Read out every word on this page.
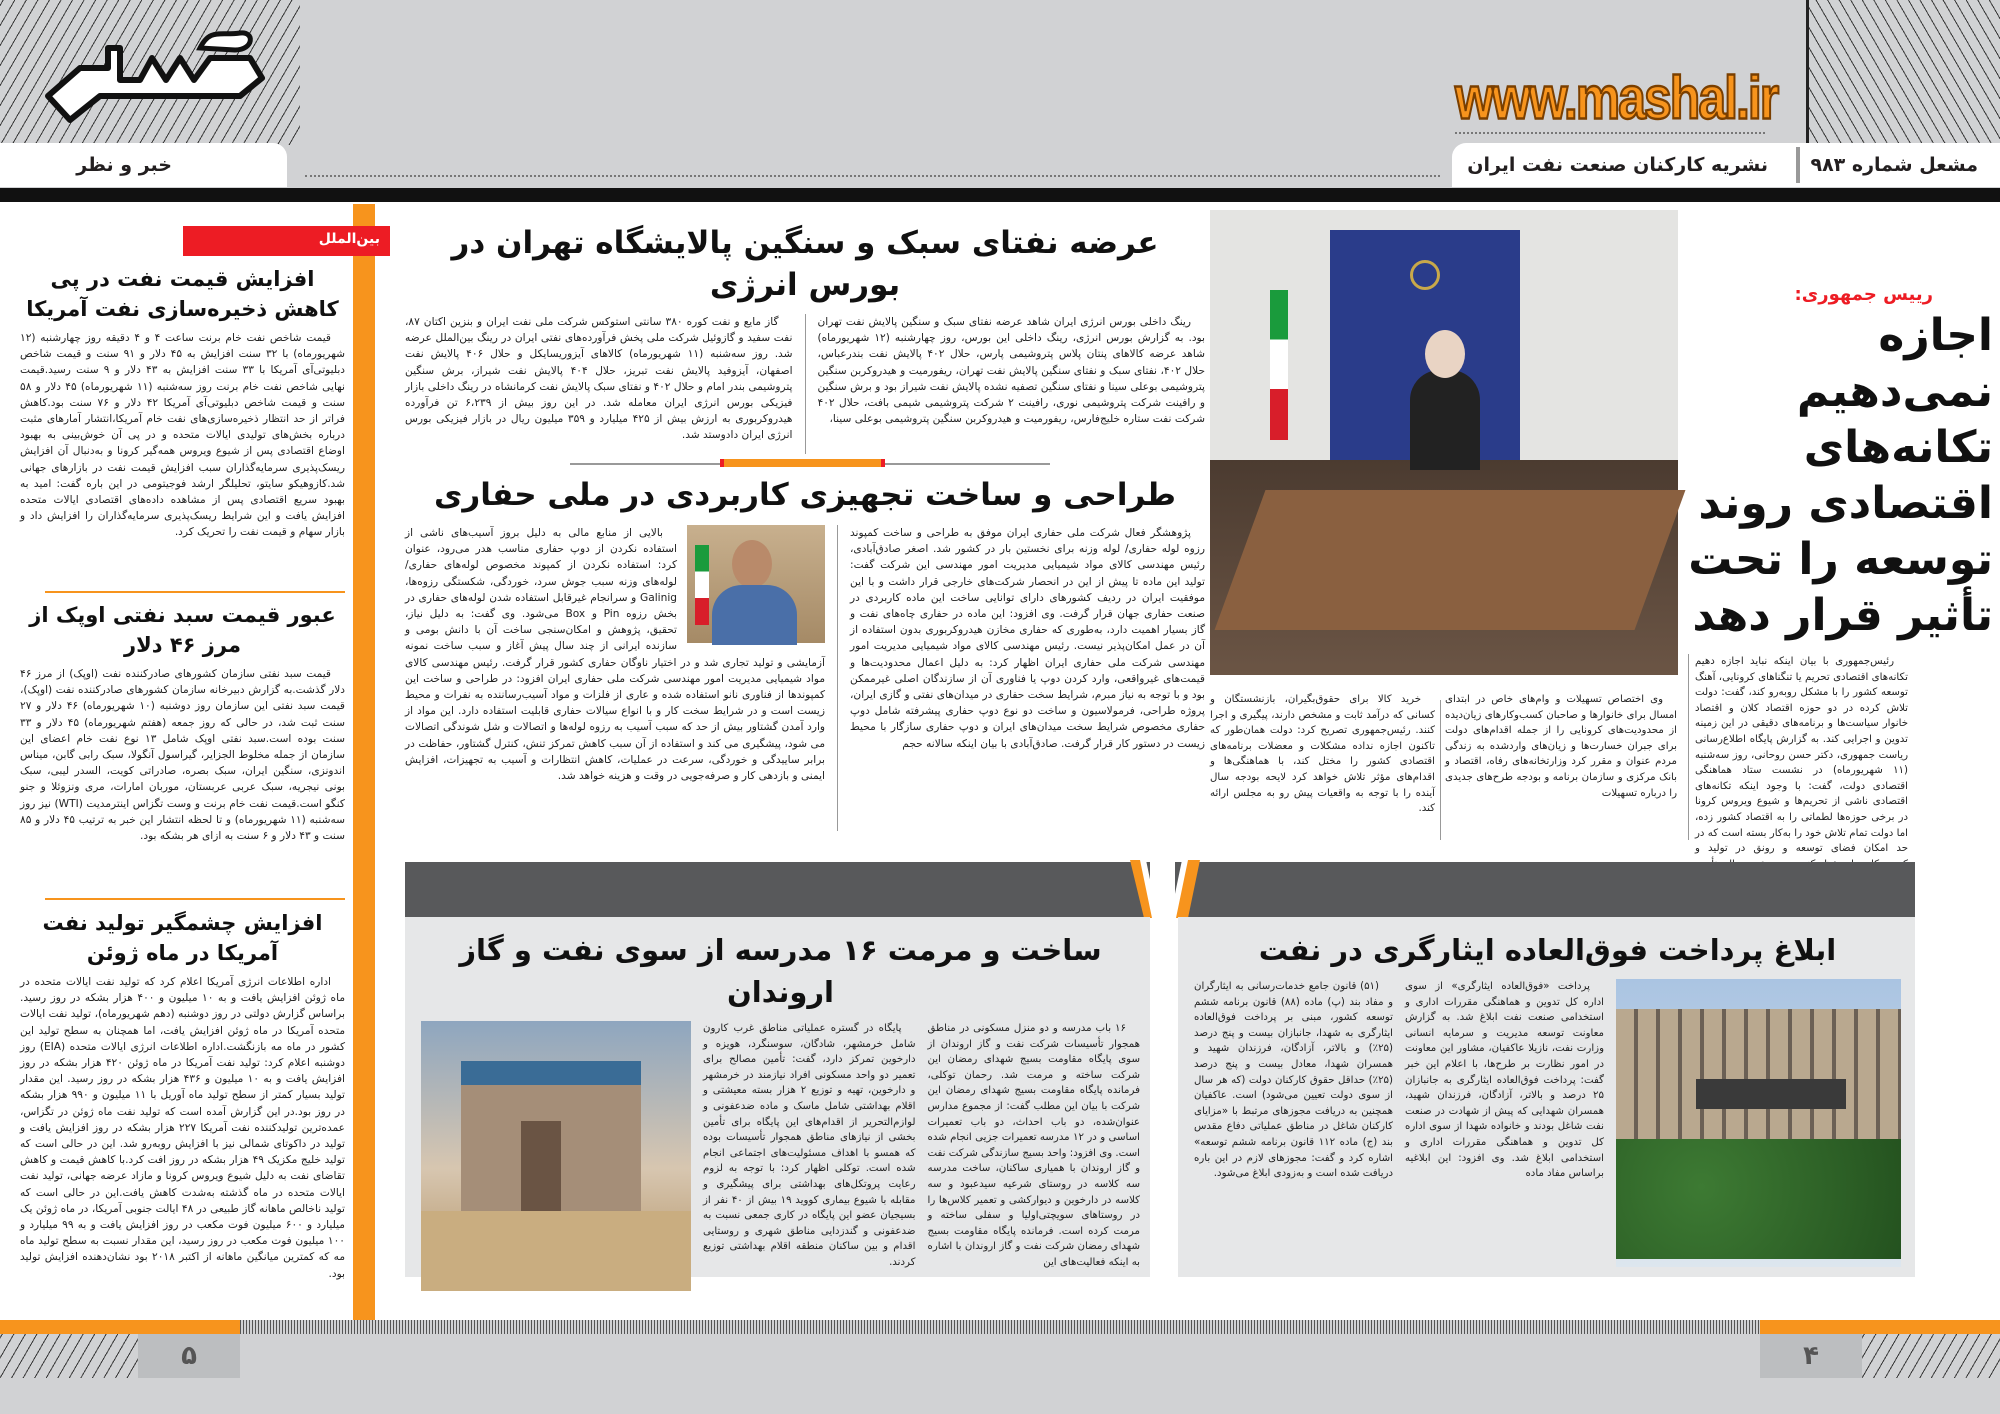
خبر و نظر
www.mashal.ir
مشعل شماره ۹۸۳
نشریه کارکنان صنعت نفت ایران
بین‌الملل
افزایش قیمت نفت در پی کاهش ذخیره‌سازی نفت آمریکا

قیمت شاخص نفت خام برنت ساعت ۴ و ۴ دقیقه روز چهارشنبه (۱۲ شهریورماه) با ۳۲ سنت افزایش به ۴۵ دلار و ۹۱ سنت و قیمت شاخص دبلیوتی‌آی آمریکا با ۳۳ سنت افزایش به ۴۳ دلار و ۹ سنت رسید.قیمت نهایی شاخص نفت خام برنت روز سه‌شنبه (۱۱ شهریورماه) ۴۵ دلار و ۵۸ سنت و قیمت شاخص دبلیوتی‌آی آمریکا ۴۲ دلار و ۷۶ سنت بود.کاهش فراتر از حد انتظار ذخیره‌سازی‌های نفت خام آمریکا،انتشار آمارهای مثبت درباره بخش‌های تولیدی ایالات متحده و در پی آن خوش‌بینی به بهبود اوضاع اقتصادی پس از شیوع ویروس همه‌گیر کرونا و به‌دنبال آن افزایش ریسک‌پذیری سرمایه‌گذاران سبب افزایش قیمت نفت در بازارهای جهانی شد.کازوهیکو سایتو، تحلیلگر ارشد فوجیتومی در این باره گفت: امید به بهبود سریع اقتصادی پس از مشاهده داده‌های اقتصادی ایالات متحده افزایش یافت و این شرایط ریسک‌پذیری سرمایه‌گذاران را افزایش داد و بازار سهام و قیمت نفت را تحریک کرد.

عبور قیمت سبد نفتی اوپک از مرز ۴۶ دلار

قیمت سبد نفتی سازمان کشورهای صادرکننده نفت (اوپک) از مرز ۴۶ دلار گذشت.به گزارش دبیرخانه سازمان کشورهای صادرکننده نفت (اوپک)، قیمت سبد نفتی این سازمان روز دوشنبه (۱۰ شهریورماه) ۴۶ دلار و ۲۷ سنت ثبت شد، در حالی که روز جمعه (هفتم شهریورماه) ۴۵ دلار و ۳۳ سنت بوده است.سبد نفتی اوپک شامل ۱۳ نوع نفت خام اعضای این سازمان از جمله مخلوط الجزایر، گیراسول آنگولا، سبک رابی گابن، میناس اندونزی، سنگین ایران، سبک بصره، صادراتی کویت، السدر لیبی، سبک بونی نیجریه، سبک عربی عربستان، موربان امارات، مری ونزوئلا و جنو کنگو است.قیمت نفت خام برنت و وست تگزاس اینترمدیت (WTI) نیز روز سه‌شنبه (۱۱ شهریورماه) و تا لحظه انتشار این خبر به ترتیب ۴۵ دلار و ۸۵ سنت و ۴۳ دلار و ۶ سنت به ازای هر بشکه بود.

افزایش چشمگیر تولید نفت آمریکا در ماه ژوئن

اداره اطلاعات انرژی آمریکا اعلام کرد که تولید نفت ایالات متحده در ماه ژوئن افزایش یافت و به ۱۰ میلیون و ۴۰۰ هزار بشکه در روز رسید. براساس گزارش دولتی در روز دوشنبه (دهم شهریورماه)، تولید نفت ایالات متحده آمریکا در ماه ژوئن افزایش یافت، اما همچنان به سطح تولید این کشور در ماه مه بازنگشت.اداره اطلاعات انرژی ایالات متحده (EIA) روز دوشنبه اعلام کرد: تولید نفت آمریکا در ماه ژوئن ۴۲۰ هزار بشکه در روز افزایش یافت و به ۱۰ میلیون و ۴۳۶ هزار بشکه در روز رسید. این مقدار تولید بسیار کمتر از سطح تولید ماه آوریل با ۱۱ میلیون و ۹۹۰ هزار بشکه در روز بود.در این گزارش آمده است که تولید نفت ماه ژوئن در تگزاس، عمده‌ترین تولیدکننده نفت آمریکا ۲۲۷ هزار بشکه در روز افزایش یافت و تولید در داکوتای شمالی نیز با افزایش روبه‌رو شد. این در حالی است که تولید خلیج مکزیک ۴۹ هزار بشکه در روز افت کرد.با کاهش قیمت و کاهش تقاضای نفت به دلیل شیوع ویروس کرونا و مازاد عرضه جهانی، تولید نفت ایالات متحده در ماه گذشته به‌شدت کاهش یافت.این در حالی است که تولید ناخالص ماهانه گاز طبیعی در ۴۸ ایالت جنوبی آمریکا، در ماه ژوئن یک میلیارد و ۶۰۰ میلیون فوت مکعب در روز افزایش یافت و به ۹۹ میلیارد و ۱۰۰ میلیون فوت مکعب در روز رسید، این مقدار نسبت به سطح تولید ماه مه که کمترین میانگین ماهانه از اکتبر ۲۰۱۸ بود نشان‌دهنده افزایش تولید بود.

عرضه نفتای سبک و سنگین پالایشگاه تهران در بورس انرژی

رینگ داخلی بورس انرژی ایران شاهد عرضه نفتای سبک و سنگین پالایش نفت تهران بود. به گزارش بورس انرژی، رینگ داخلی این بورس، روز چهارشنبه (۱۲ شهریورماه) شاهد عرضه کالاهای پنتان پلاس پتروشیمی پارس، حلال ۴۰۲ پالایش نفت بندرعباس، حلال ۴۰۲، نفتای سبک و نفتای سنگین پالایش نفت تهران، ریفورمیت و هیدروکربن سنگین پتروشیمی بوعلی سینا و نفتای سنگین تصفیه نشده پالایش نفت شیراز بود و برش سنگین و رافینت شرکت پتروشیمی نوری، رافینت ۲ شرکت پتروشیمی شیمی بافت، حلال ۴۰۲ شرکت نفت ستاره خلیج‌فارس، ریفورمیت و هیدروکربن سنگین پتروشیمی بوعلی سینا،

گاز مایع و نفت کوره ۳۸۰ سانتی استوکس شرکت ملی نفت ایران و بنزین اکتان ۸۷، نفت سفید و گازوئیل شرکت ملی پخش فرآورده‌های نفتی ایران در رینگ بین‌الملل عرضه شد. روز سه‌شنبه (۱۱ شهریورماه) کالاهای آیزوریسایکل و حلال ۴۰۶ پالایش نفت اصفهان، آیزوفید پالایش نفت تبریز، حلال ۴۰۴ پالایش نفت شیراز، برش سنگین پتروشیمی بندر امام و حلال ۴۰۲ و نفتای سبک پالایش نفت کرمانشاه در رینگ داخلی بازار فیزیکی بورس انرژی ایران معامله شد. در این روز بیش از ۶،۲۳۹ تن فرآورده هیدروکربوری به ارزش بیش از ۴۲۵ میلیارد و ۳۵۹ میلیون ریال در بازار فیزیکی بورس انرژی ایران دادوستد شد.

طراحی و ساخت تجهیزی کاربردی در ملی حفاری

پژوهشگر فعال شرکت ملی حفاری ایران موفق به طراحی و ساخت کمپوند رزوه لوله حفاری/ لوله وزنه برای نخستین بار در کشور شد. اصغر صادق‌آبادی، رئیس مهندسی کالای مواد شیمیایی مدیریت امور مهندسی این شرکت گفت: تولید این ماده تا پیش از این در انحصار شرکت‌های خارجی قرار داشت و با این موفقیت ایران در ردیف کشورهای دارای توانایی ساخت این ماده کاربردی در صنعت حفاری جهان قرار گرفت. وی افزود: این ماده در حفاری چاه‌های نفت و گاز بسیار اهمیت دارد، به‌طوری که حفاری مخازن هیدروکربوری بدون استفاده از آن در عمل امکان‌پذیر نیست. رئیس مهندسی کالای مواد شیمیایی مدیریت امور مهندسی شرکت ملی حفاری ایران اظهار کرد: به دلیل اعمال محدودیت‌ها و قیمت‌های غیرواقعی، وارد کردن دوپ یا فناوری آن از سازندگان اصلی غیرممکن بود و با توجه به نیاز مبرم، شرایط سخت حفاری در میدان‌های نفتی و گازی ایران، پروژه طراحی، فرمولاسیون و ساخت دو نوع دوپ حفاری پیشرفته شامل دوپ حفاری مخصوص شرایط سخت میدان‌های ایران و دوپ حفاری سازگار با محیط زیست در دستور کار قرار گرفت. صادق‌آبادی با بیان اینکه سالانه حجم

بالایی از منابع مالی به دلیل بروز آسیب‌های ناشی از استفاده نکردن از دوپ حفاری مناسب هدر می‌رود، عنوان کرد: استفاده نکردن از کمپوند مخصوص لوله‌های حفاری/ لوله‌های وزنه سبب جوش سرد، خوردگی، شکستگی رزوه‌ها، Galinig و سرانجام غیرقابل استفاده شدن لوله‌های حفاری در بخش رزوه Pin و Box می‌شود. وی گفت: به دلیل نیاز، تحقیق، پژوهش و امکان‌سنجی ساخت آن با دانش بومی و سازنده ایرانی از چند سال پیش آغاز و سبب ساخت نمونه آزمایشی و تولید تجاری شد و در اختیار ناوگان حفاری کشور قرار گرفت. رئیس مهندسی کالای مواد شیمیایی مدیریت امور مهندسی شرکت ملی حفاری ایران افزود: در طراحی و ساخت این کمپوندها از فناوری نانو استفاده شده و عاری از فلزات و مواد آسیب‌رساننده به نفرات و محیط زیست است و در شرایط سخت کار و با انواع سیالات حفاری قابلیت استفاده دارد. این مواد از وارد آمدن گشتاور بیش از حد که سبب آسیب به رزوه لوله‌ها و اتصالات و شل شوندگی اتصالات می شود، پیشگیری می کند و استفاده از آن سبب کاهش تمرکز تنش، کنترل گشتاور، حفاظت در برابر ساییدگی و خوردگی، سرعت در عملیات، کاهش انتظارات و آسیب به تجهیزات، افزایش ایمنی و بازدهی کار و صرفه‌جویی در وقت و هزینه خواهد شد.

رییس جمهوری:
اجازه نمی‌دهیم تکانه‌های اقتصادی روند توسعه را تحت تأثیر قرار دهد

رئیس‌جمهوری با بیان اینکه نباید اجازه دهیم تکانه‌های اقتصادی تحریم یا تنگناهای کرونایی، آهنگ توسعه کشور را با مشکل روبه‌رو کند، گفت: دولت تلاش کرده در دو حوزه اقتصاد کلان و اقتصاد خانوار سیاست‌ها و برنامه‌های دقیقی در این زمینه تدوین و اجرایی کند. به گزارش پایگاه اطلاع‌رسانی ریاست جمهوری، دکتر حسن روحانی، روز سه‌شنبه (۱۱ شهریورماه) در نشست ستاد هماهنگی اقتصادی دولت، گفت: با وجود اینکه تکانه‌های اقتصادی ناشی از تحریم‌ها و شیوع ویروس کرونا در برخی حوزه‌ها لطماتی را به اقتصاد کشور زده، اما دولت تمام تلاش خود را به‌کار بسته است که در حد امکان فضای توسعه و رونق در تولید و

وی اختصاص تسهیلات و وام‌های خاص در ابتدای امسال برای خانوارها و صاحبان کسب‌وکارهای زیان‌دیده از محدودیت‌های کرونایی را از جمله اقدام‌های دولت برای جبران خسارت‌ها و زیان‌های واردشده به زندگی مردم عنوان و مقرر کرد وزارتخانه‌های رفاه، اقتصاد و بانک مرکزی و سازمان برنامه و بودجه طرح‌های جدیدی را درباره تسهیلات

خرید کالا برای حقوق‌بگیران، بازنشستگان و کسانی که درآمد ثابت و مشخص دارند، پیگیری و اجرا کنند. رئیس‌جمهوری تصریح کرد: دولت همان‌طور که تاکنون اجازه نداده مشکلات و معضلات برنامه‌های اقتصادی کشور را مختل کند، با هماهنگی‌ها و اقدام‌های مؤثر تلاش خواهد کرد لایحه بودجه سال آینده را با توجه به واقعیات پیش رو به مجلس ارائه کند.

ساخت و مرمت ۱۶ مدرسه از سوی نفت و گاز اروندان

۱۶ باب مدرسه و دو منزل مسکونی در مناطق همجوار تأسیسات شرکت نفت و گاز اروندان از سوی پایگاه مقاومت بسیج شهدای رمضان این شرکت ساخته و مرمت شد. رحمان توکلی، فرمانده پایگاه مقاومت بسیج شهدای رمضان این شرکت با بیان این مطلب گفت: از مجموع مدارس عنوان‌شده، دو باب احداث، دو باب تعمیرات اساسی و در ۱۲ مدرسه تعمیرات جزیی انجام شده است. وی افزود: واحد بسیج سازندگی شرکت نفت و گاز اروندان با همیاری ساکنان، ساخت مدرسه سه کلاسه در روستای شرعیه سیدعبود و سه کلاسه در دارخوین و دیوارکشی و تعمیر کلاس‌ها را در روستاهای سویچتی‌اولیا و سفلی ساخته و مرمت کرده است. فرمانده پایگاه مقاومت بسیج شهدای رمضان شرکت نفت و گاز اروندان با اشاره به اینکه فعالیت‌های این

پایگاه در گستره عملیاتی مناطق غرب کارون شامل خرمشهر، شادگان، سوسنگرد، هویزه و دارخوین تمرکز دارد، گفت: تأمین مصالح برای تعمیر دو واحد مسکونی افراد نیازمند در خرمشهر و دارخوین، تهیه و توزیع ۲ هزار بسته معیشتی و اقلام بهداشتی شامل ماسک و ماده ضدعفونی و لوازم‌التحریر از اقدام‌های این پایگاه برای تأمین بخشی از نیازهای مناطق همجوار تأسیسات بوده که همسو با اهداف مسئولیت‌های اجتماعی انجام شده است. توکلی اظهار کرد: با توجه به لزوم رعایت پروتکل‌های بهداشتی برای پیشگیری و مقابله با شیوع بیماری کووید ۱۹ بیش از ۴۰ نفر از بسیجیان عضو این پایگاه در کاری جمعی نسبت به ضدعفونی و گندزدایی مناطق شهری و روستایی اقدام و بین ساکنان منطقه اقلام بهداشتی توزیع کردند.

ابلاغ پرداخت فوق‌العاده ایثارگری در نفت

پرداخت «فوق‌العاده ایثارگری» از سوی اداره کل تدوین و هماهنگی مقررات اداری و استخدامی صنعت نفت ابلاغ شد. به گزارش معاونت توسعه مدیریت و سرمایه انسانی وزارت نفت، نازیلا عاکفیان، مشاور این معاونت در امور نظارت بر طرح‌ها، با اعلام این خبر گفت: پرداخت فوق‌العاده ایثارگری به جانبازان ۲۵ درصد و بالاتر، آزادگان، فرزندان شهید، همسران شهدایی که پیش از شهادت در صنعت نفت شاغل بودند و خانواده شهدا از سوی اداره کل تدوین و هماهنگی مقررات اداری و استخدامی ابلاغ شد. وی افزود: این ابلاغیه براساس مفاد ماده

(۵۱) قانون جامع خدمات‌رسانی به ایثارگران و مفاد بند (پ) ماده (۸۸) قانون برنامه ششم توسعه کشور، مبنی بر پرداخت فوق‌العاده ایثارگری به شهدا، جانبازان بیست و پنج درصد (۲۵٪) و بالاتر، آزادگان، فرزندان شهید و همسران شهدا، معادل بیست و پنج درصد (۲۵٪) حداقل حقوق کارکنان دولت (که هر سال از سوی دولت تعیین می‌شود) است. عاکفیان همچنین به دریافت مجوزهای مرتبط با «مزایای کارکنان شاغل در مناطق عملیاتی دفاع مقدس بند (ج) ماده ۱۱۲ قانون برنامه ششم توسعه» اشاره کرد و گفت: مجوزهای لازم در این باره دریافت شده است و به‌زودی ابلاغ می‌شود.

۵	۴
